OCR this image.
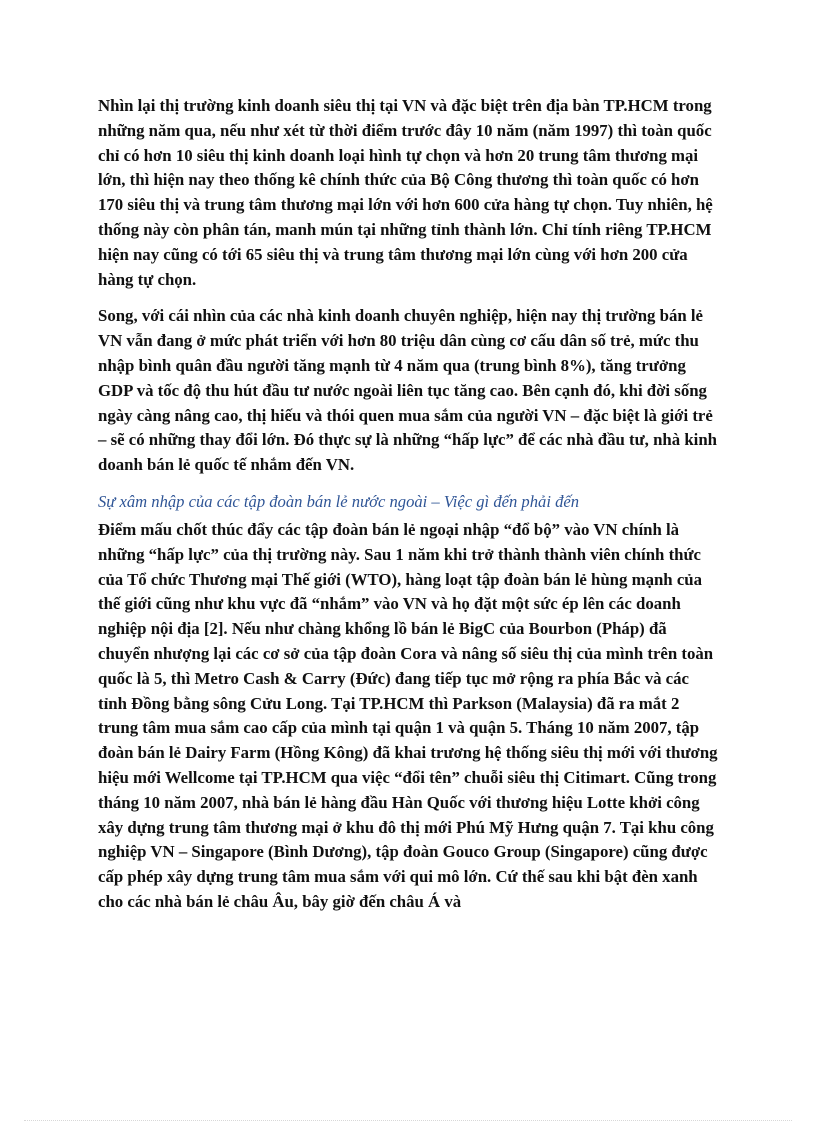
Nhìn lại thị trường kinh doanh siêu thị tại VN và đặc biệt trên địa bàn TP.HCM trong những năm qua, nếu như xét từ thời điểm trước đây 10 năm (năm 1997) thì toàn quốc chỉ có hơn 10 siêu thị kinh doanh loại hình tự chọn và hơn 20 trung tâm thương mại lớn, thì hiện nay theo thống kê chính thức của Bộ Công thương thì toàn quốc có hơn 170 siêu thị và trung tâm thương mại lớn với hơn 600 cửa hàng tự chọn. Tuy nhiên, hệ thống này còn phân tán, manh mún tại những tỉnh thành lớn. Chỉ tính riêng TP.HCM hiện nay cũng có tới 65 siêu thị và trung tâm thương mại lớn cùng với hơn 200 cửa hàng tự chọn.

Song, với cái nhìn của các nhà kinh doanh chuyên nghiệp, hiện nay thị trường bán lẻ VN vẫn đang ở mức phát triển với hơn 80 triệu dân cùng cơ cấu dân số trẻ, mức thu nhập bình quân đầu người tăng mạnh từ 4 năm qua (trung bình 8%), tăng trưởng GDP và tốc độ thu hút đầu tư nước ngoài liên tục tăng cao. Bên cạnh đó, khi đời sống ngày càng nâng cao, thị hiếu và thói quen mua sắm của người VN – đặc biệt là giới trẻ – sẽ có những thay đổi lớn. Đó thực sự là những “hấp lực” để các nhà đầu tư, nhà kinh doanh bán lẻ quốc tế nhắm đến VN.

Sự xâm nhập của các tập đoàn bán lẻ nước ngoài – Việc gì đến phải đến

Điểm mấu chốt thúc đẩy các tập đoàn bán lẻ ngoại nhập “đổ bộ” vào VN chính là những “hấp lực” của thị trường này. Sau 1 năm khi trở thành thành viên chính thức của Tổ chức Thương mại Thế giới (WTO), hàng loạt tập đoàn bán lẻ hùng mạnh của thế giới cũng như khu vực đã “nhắm” vào VN và họ đặt một sức ép lên các doanh nghiệp nội địa [2]. Nếu như chàng khổng lồ bán lẻ BigC của Bourbon (Pháp) đã chuyển nhượng lại các cơ sở của tập đoàn Cora và nâng số siêu thị của mình trên toàn quốc là 5, thì Metro Cash & Carry (Đức) đang tiếp tục mở rộng ra phía Bắc và các tỉnh Đồng bằng sông Cửu Long. Tại TP.HCM thì Parkson (Malaysia) đã ra mắt 2 trung tâm mua sắm cao cấp của mình tại quận 1 và quận 5. Tháng 10 năm 2007, tập đoàn bán lẻ Dairy Farm (Hồng Kông) đã khai trương hệ thống siêu thị mới với thương hiệu mới Wellcome tại TP.HCM qua việc “đổi tên” chuỗi siêu thị Citimart. Cũng trong tháng 10 năm 2007, nhà bán lẻ hàng đầu Hàn Quốc với thương hiệu Lotte khởi công xây dựng trung tâm thương mại ở khu đô thị mới Phú Mỹ Hưng quận 7. Tại khu công nghiệp VN – Singapore (Bình Dương), tập đoàn Gouco Group (Singapore) cũng được cấp phép xây dựng trung tâm mua sắm với qui mô lớn. Cứ thế sau khi bật đèn xanh cho các nhà bán lẻ châu Âu, bây giờ đến châu Á và
